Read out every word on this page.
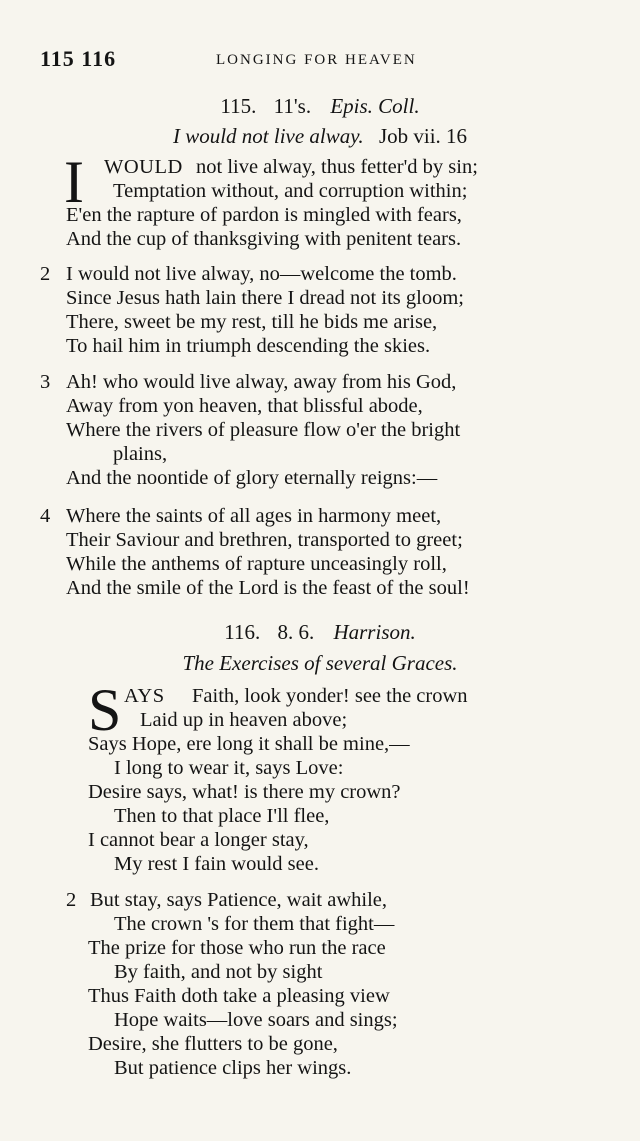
115 116	LONGING FOR HEAVEN
115. 11's. Epis. Coll.
I would not live alway. Job vii. 16
I WOULD not live alway, thus fetter'd by sin;
Temptation without, and corruption within;
E'en the rapture of pardon is mingled with fears,
And the cup of thanksgiving with penitent tears.
2 I would not live alway, no—welcome the tomb.
Since Jesus hath lain there I dread not its gloom;
There, sweet be my rest, till he bids me arise,
To hail him in triumph descending the skies.
3 Ah! who would live alway, away from his God,
Away from yon heaven, that blissful abode,
Where the rivers of pleasure flow o'er the bright
plains,
And the noontide of glory eternally reigns:—
4 Where the saints of all ages in harmony meet,
Their Saviour and brethren, transported to greet;
While the anthems of rapture unceasingly roll,
And the smile of the Lord is the feast of the soul!
116. 8. 6. Harrison.
The Exercises of several Graces.
S AYS Faith, look yonder! see the crown
Laid up in heaven above;
Says Hope, ere long it shall be mine,—
I long to wear it, says Love:
Desire says, what! is there my crown?
Then to that place I'll flee,
I cannot bear a longer stay,
My rest I fain would see.
2 But stay, says Patience, wait awhile,
The crown 's for them that fight—
The prize for those who run the race
By faith, and not by sight
Thus Faith doth take a pleasing view
Hope waits—love soars and sings;
Desire, she flutters to be gone,
But patience clips her wings.
